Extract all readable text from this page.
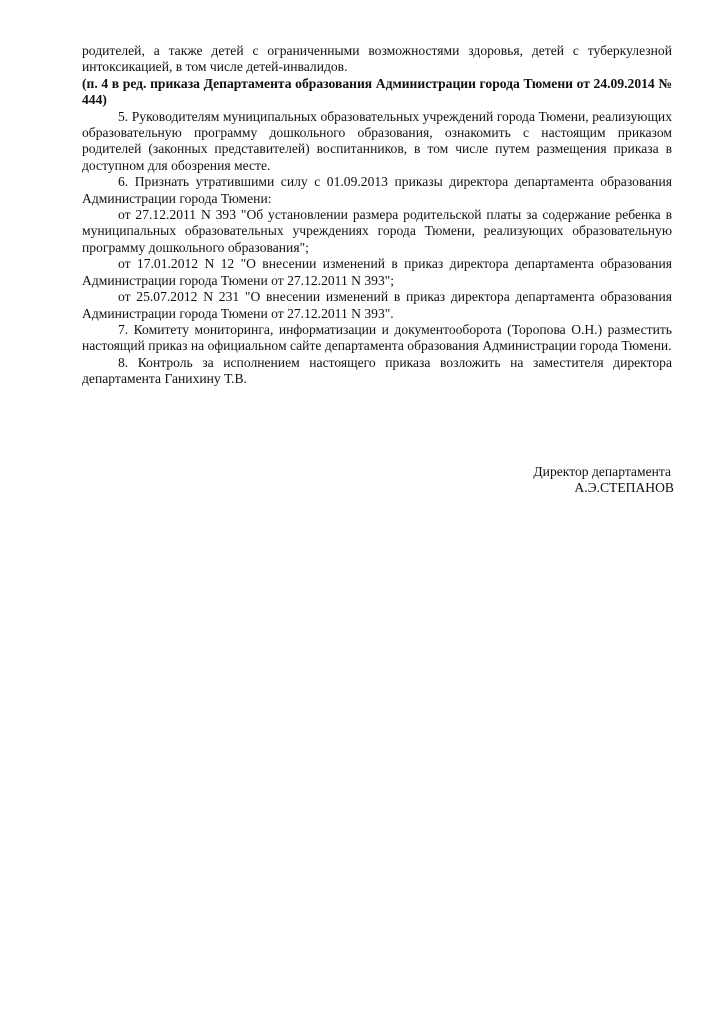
родителей, а также детей с ограниченными возможностями здоровья, детей с туберкулезной интоксикацией, в том числе детей-инвалидов.

(п. 4 в ред. приказа Департамента образования Администрации города Тюмени от 24.09.2014 № 444)

5. Руководителям муниципальных образовательных учреждений города Тюмени, реализующих образовательную программу дошкольного образования, ознакомить с настоящим приказом родителей (законных представителей) воспитанников, в том числе путем размещения приказа в доступном для обозрения месте.

6. Признать утратившими силу с 01.09.2013 приказы директора департамента образования Администрации города Тюмени:

от 27.12.2011 N 393 "Об установлении размера родительской платы за содержание ребенка в муниципальных образовательных учреждениях города Тюмени, реализующих образовательную программу дошкольного образования";

от 17.01.2012 N 12 "О внесении изменений в приказ директора департамента образования Администрации города Тюмени от 27.12.2011 N 393";

от 25.07.2012 N 231 "О внесении изменений в приказ директора департамента образования Администрации города Тюмени от 27.12.2011 N 393".

7. Комитету мониторинга, информатизации и документооборота (Торопова О.Н.) разместить настоящий приказ на официальном сайте департамента образования Администрации города Тюмени.

8. Контроль за исполнением настоящего приказа возложить на заместителя директора департамента Ганихину Т.В.

Директор департамента
А.Э.СТЕПАНОВ
